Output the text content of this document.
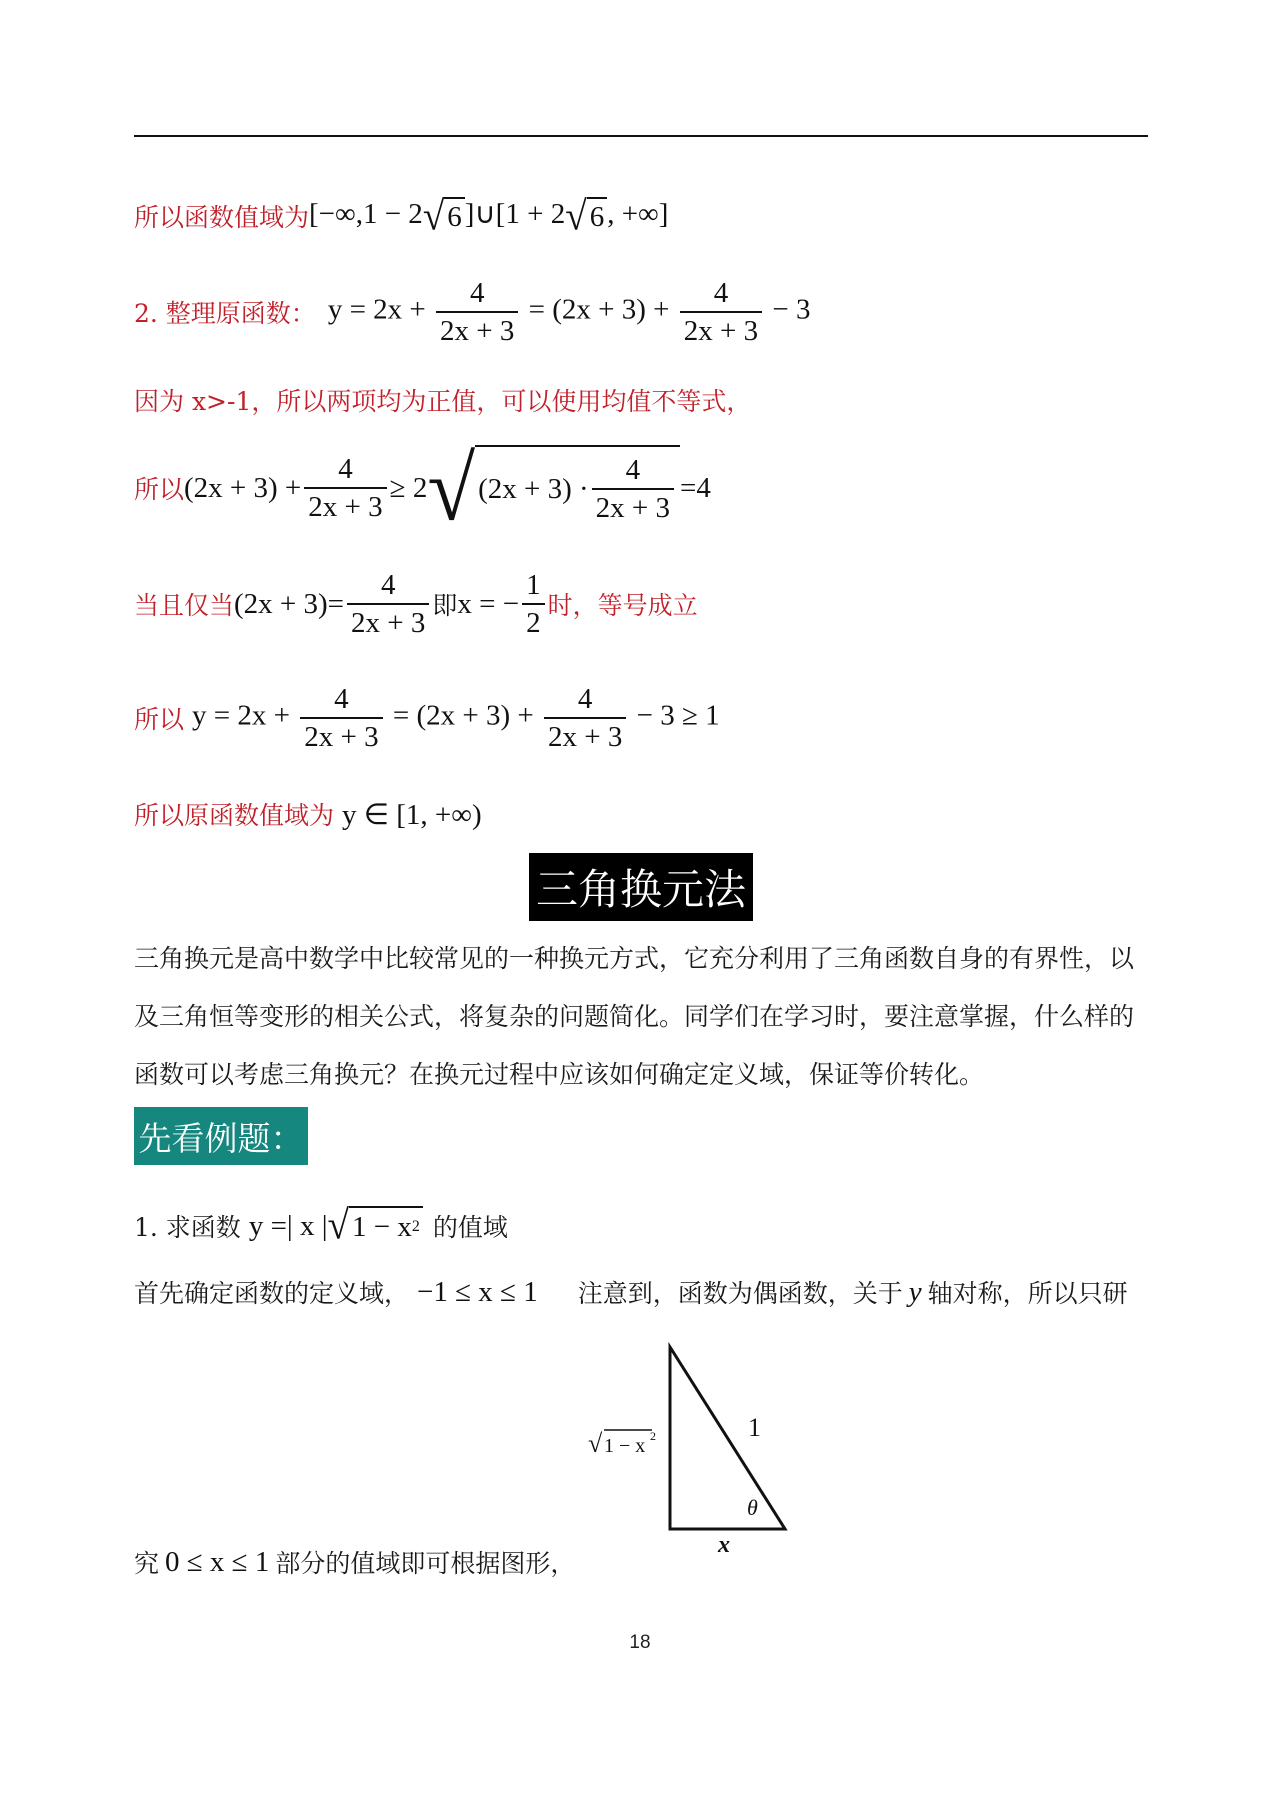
所以函数值域为 [−∞,1 − 2 √ 6 ]∪[1 + 2 √ 6 , +∞]
2. 整理原函数： $y = 2x + \frac{4}{2x + 3} = (2x + 3) + \frac{4}{2x + 3} - 3$
因为 x>-1，所以两项均为正值，可以使用均值不等式，
所以 $(2x + 3) + \frac{4}{2x + 3} \ge 2$ √ $(2x + 3) \cdot \frac{4}{2x + 3} =4$
当且仅当 $(2x + 3)= \frac{4}{2x + 3}$ 即 x = − $\frac{1}{2}$ 时，等号成立
所以 $y = 2x + \frac{4}{2x + 3} = (2x + 3) + \frac{4}{2x + 3} - 3 \ge 1$
所以原函数值域为 y ∈ [1, +∞)
三角换元法
三角换元是高中数学中比较常见的一种换元方式，它充分利用了三角函数自身的有界性，以及三角恒等变形的相关公式，将复杂的问题简化。同学们在学习时，要注意掌握，什么样的函数可以考虑三角换元？在换元过程中应该如何确定定义域，保证等价转化。
先看例题：
1. 求函数 y =| x | √ 1 − x 2 的值域
首先确定函数的定义域， −1 ≤ x ≤ 1 注意到，函数为偶函数，关于 y 轴对称，所以只研
1
θ
x
√ 1 − x 2
究 0 ≤ x ≤ 1 部分的值域即可根据图形，
18
